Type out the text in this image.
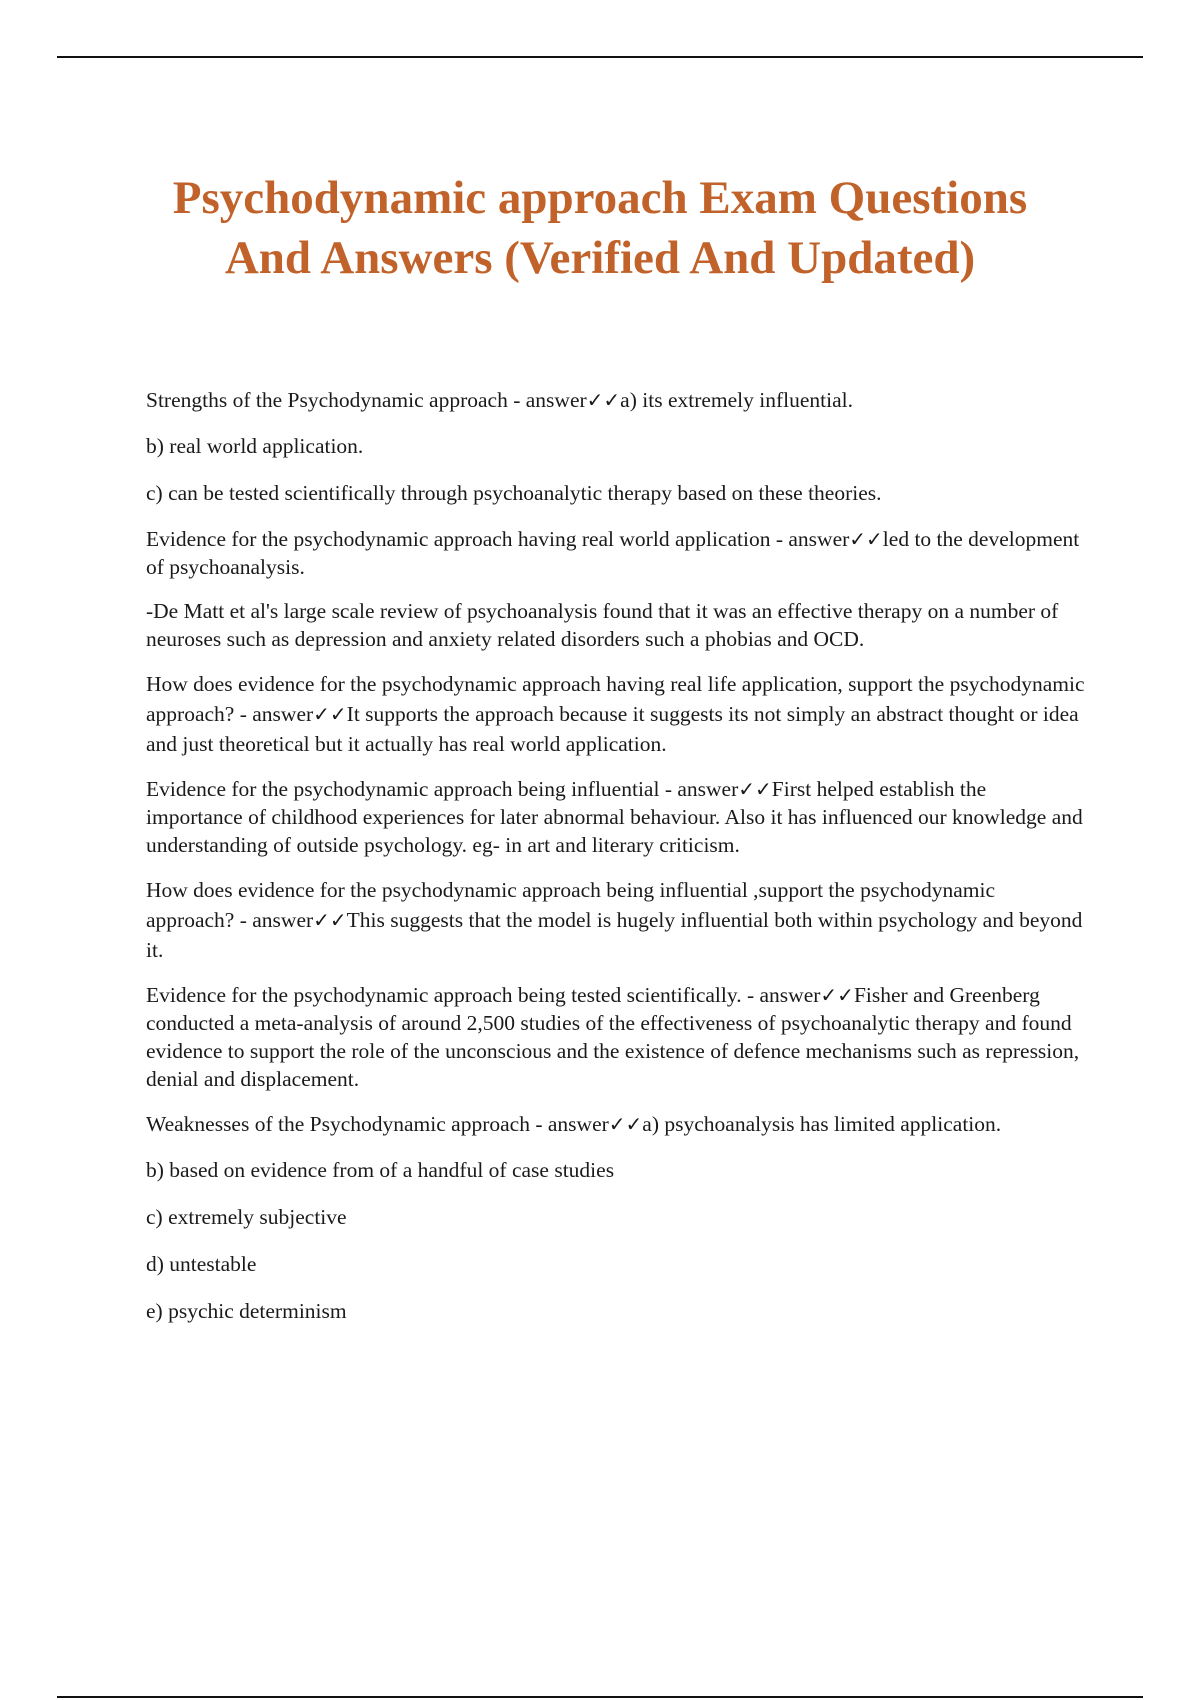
Psychodynamic approach Exam Questions
And Answers (Verified And Updated)

Strengths of the Psychodynamic approach - answer✓✓a) its extremely influential.

b) real world application.

c) can be tested scientifically through psychoanalytic therapy based on these theories.

Evidence for the psychodynamic approach having real world application - answer✓✓led to the development of psychoanalysis.

-De Matt et al's large scale review of psychoanalysis found that it was an effective therapy on a number of neuroses such as depression and anxiety related disorders such a phobias and OCD.

How does evidence for the psychodynamic approach having real life application, support the psychodynamic approach? - answer✓✓It supports the approach because it suggests its not simply an abstract thought or idea and just theoretical but it actually has real world application.

Evidence for the psychodynamic approach being influential - answer✓✓First helped establish the importance of childhood experiences for later abnormal behaviour. Also it has influenced our knowledge and understanding of outside psychology. eg- in art and literary criticism.

How does evidence for the psychodynamic approach being influential ,support the psychodynamic approach? - answer✓✓This suggests that the model is hugely influential both within psychology and beyond it.

Evidence for the psychodynamic approach being tested scientifically. - answer✓✓Fisher and Greenberg conducted a meta-analysis of around 2,500 studies of the effectiveness of psychoanalytic therapy and found evidence to support the role of the unconscious and the existence of defence mechanisms such as repression, denial and displacement.

Weaknesses of the Psychodynamic approach - answer✓✓a) psychoanalysis has limited application.

b) based on evidence from of a handful of case studies

c) extremely subjective

d) untestable

e) psychic determinism
